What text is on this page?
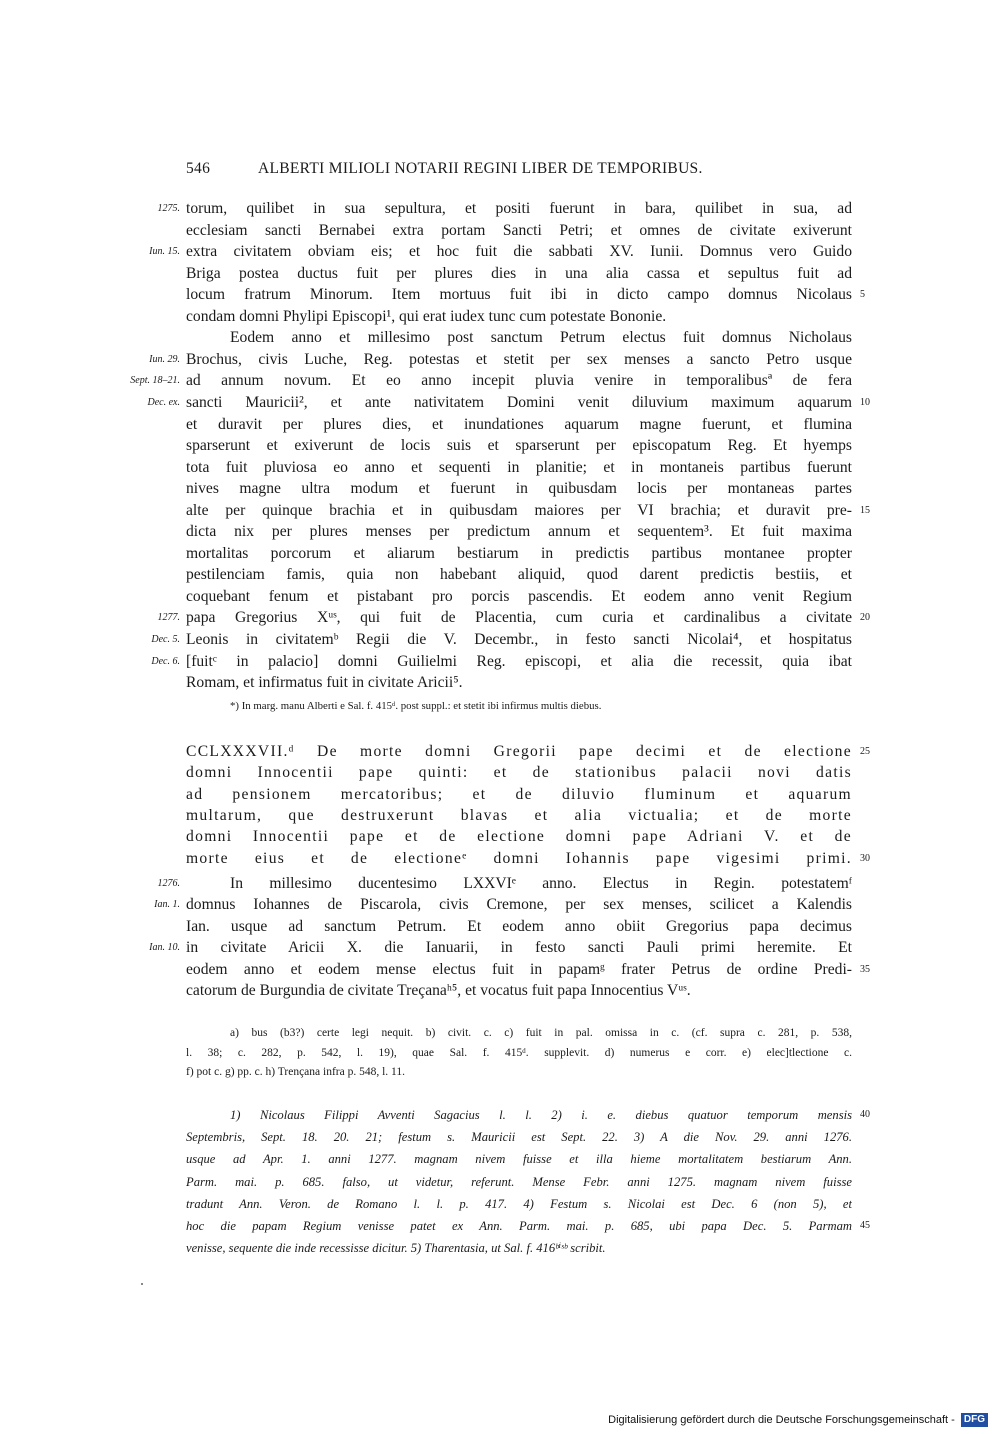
546	ALBERTI MILIOLI NOTARII REGINI LIBER DE TEMPORIBUS.
torum, quilibet in sua sepultura, et positi fuerunt in bara, quilibet in sua, ad
ecclesiam sancti Bernabei extra portam Sancti Petri; et omnes de civitate exiverunt
extra civitatem obviam eis; et hoc fuit die sabbati XV. Iunii. Domnus vero Guido
Briga postea ductus fuit per plures dies in una alia cassa et sepultus fuit ad
locum fratrum Minorum. Item mortuus fuit ibi in dicto campo domnus Nicolaus
condam domni Phylipi Episcopi¹, qui erat iudex tunc cum potestate Bononie.
Eodem anno et millesimo post sanctum Petrum electus fuit domnus Nicholaus
Brochus, civis Luche, Reg. potestas et stetit per sex menses a sancto Petro usque
ad annum novum. Et eo anno incepit pluvia venire in temporalibusª de fera
sancti Mauricii², et ante nativitatem Domini venit diluvium maximum aquarum
et duravit per plures dies, et inundationes aquarum magne fuerunt, et flumina
sparserunt et exiverunt de locis suis et sparserunt per episcopatum Reg. Et hyemps
tota fuit pluviosa eo anno et sequenti in planitie; et in montaneis partibus fuerunt
nives magne ultra modum et fuerunt in quibusdam locis per montaneas partes
alte per quinque brachia et in quibusdam maiores per VI brachia; et duravit pre-
dicta nix per plures menses per predictum annum et sequentem³. Et fuit maxima
mortalitas porcorum et aliarum bestiarum in predictis partibus montanee propter
pestilenciam famis, quia non habebant aliquid, quod darent predictis bestiis, et
coquebant fenum et pistabant pro porcis pascendis. Et eodem anno venit Regium
papa Gregorius Xᵘˢ, qui fuit de Placentia, cum curia et cardinalibus a civitate
Leonis in civitatemᵇ Regii die V. Decembr., in festo sancti Nicolai⁴, et hospitatus
[fuitᶜ in palacio] domni Guilielmi Reg. episcopi, et alia die recessit, quia ibat
Romam, et infirmatus fuit in civitate Aricii⁵.
1275.
Iun. 15.
Iun. 29.
Sept. 18–21.
Dec. ex.
1277.
Dec. 5.
Dec. 6.
5
10
15
20
*) In marg. manu Alberti e Sal. f. 415ᵈ. post suppl.: et stetit ibi infirmus multis diebus.
CCLXXXVII.ᵈ De morte domni Gregorii pape decimi et de electione
domni Innocentii pape quinti: et de stationibus palacii novi datis
ad pensionem mercatoribus; et de diluvio fluminum et aquarum
multarum, que destruxerunt blavas et alia victualia; et de morte
domni Innocentii pape et de electione domni pape Adriani V. et de
morte eius et de electioneᵉ domni Iohannis pape vigesimi primi.
25
30
In millesimo ducentesimo LXXVIᵉ anno. Electus in Regin. potestatemᶠ
domnus Iohannes de Piscarola, civis Cremone, per sex menses, scilicet a Kalendis
Ian. usque ad sanctum Petrum. Et eodem anno obiit Gregorius papa decimus
in civitate Aricii X. die Ianuarii, in festo sancti Pauli primi heremite. Et
eodem anno et eodem mense electus fuit in papamᵍ frater Petrus de ordine Predi-
catorum de Burgundia de civitate Treçanaʰ⁵, et vocatus fuit papa Innocentius Vᵘˢ.
1276.
Ian. 1.
Ian. 10.
35
a) bus (b3?) certe legi nequit. b) civit. c. c) fuit in pal. omissa in c. (cf. supra c. 281, p. 538,
l. 38; c. 282, p. 542, l. 19), quae Sal. f. 415ᵈ. supplevit. d) numerus e corr. e) elec]tlectione c.
f) pot c. g) pp. c. h) Trençana infra p. 548, l. 11.
1) Nicolaus Filippi Avventi Sagacius l. l. 2) i. e. diebus quatuor temporum mensis
Septembris, Sept. 18. 20. 21; festum s. Mauricii est Sept. 22. 3) A die Nov. 29. anni 1276.
usque ad Apr. 1. anni 1277. magnam nivem fuisse et illa hieme mortalitatem bestiarum Ann.
Parm. mai. p. 685. falso, ut videtur, referunt. Mense Febr. anni 1275. magnam nivem fuisse
tradunt Ann. Veron. de Romano l. l. p. 417. 4) Festum s. Nicolai est Dec. 6 (non 5), et
hoc die papam Regium venisse patet ex Ann. Parm. mai. p. 685, ubi papa Dec. 5. Parmam
venisse, sequente die inde recessisse dicitur. 5) Tharentasia, ut Sal. f. 416ᵇⁱˢᵇ scribit.
40
45
Digitalisierung gefördert durch die Deutsche Forschungsgemeinschaft - DFG
